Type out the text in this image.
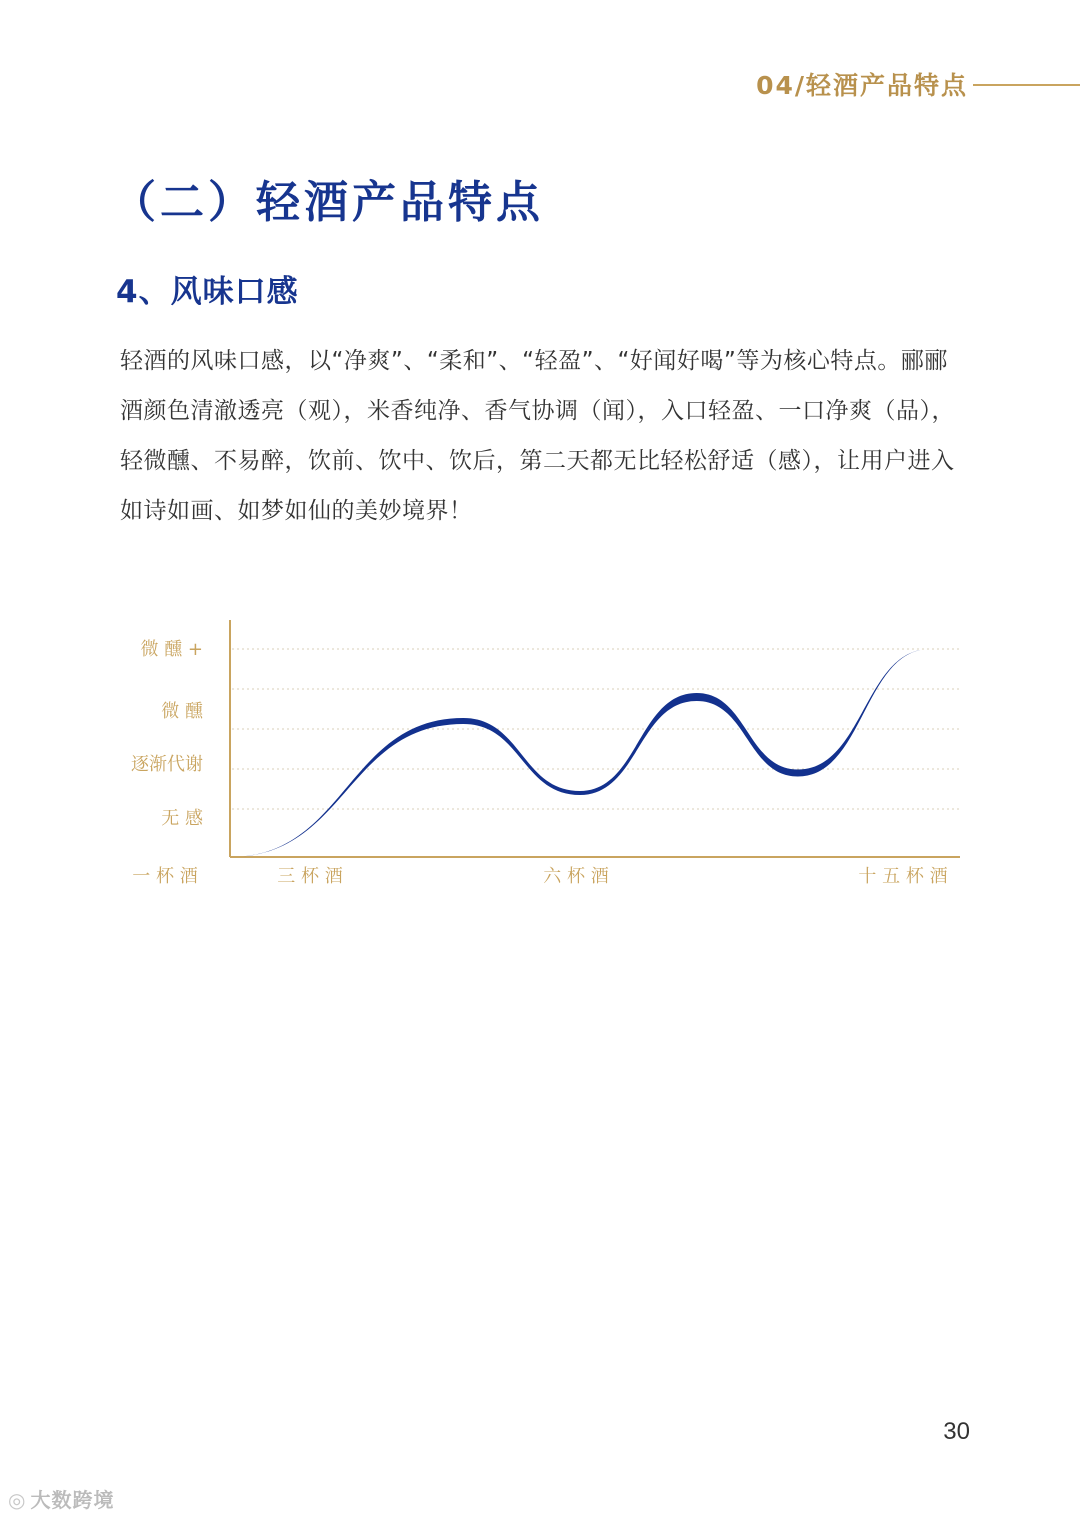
04/轻酒产品特点
（二）轻酒产品特点
4、风味口感

轻酒的风味口感，以“净爽”、“柔和”、“轻盈”、“好闻好喝”等为核心特点。郦郦酒颜色清澈透亮（观），米香纯净、香气协调（闻），入口轻盈、一口净爽（品），轻微醺、不易醉，饮前、饮中、饮后，第二天都无比轻松舒适（感），让用户进入如诗如画、如梦如仙的美妙境界！

无 感
逐渐代谢
微 醺
微 醺 +
一 杯 酒	三 杯 酒	六 杯 酒	十 五 杯 酒
30
◎ 大数跨境
